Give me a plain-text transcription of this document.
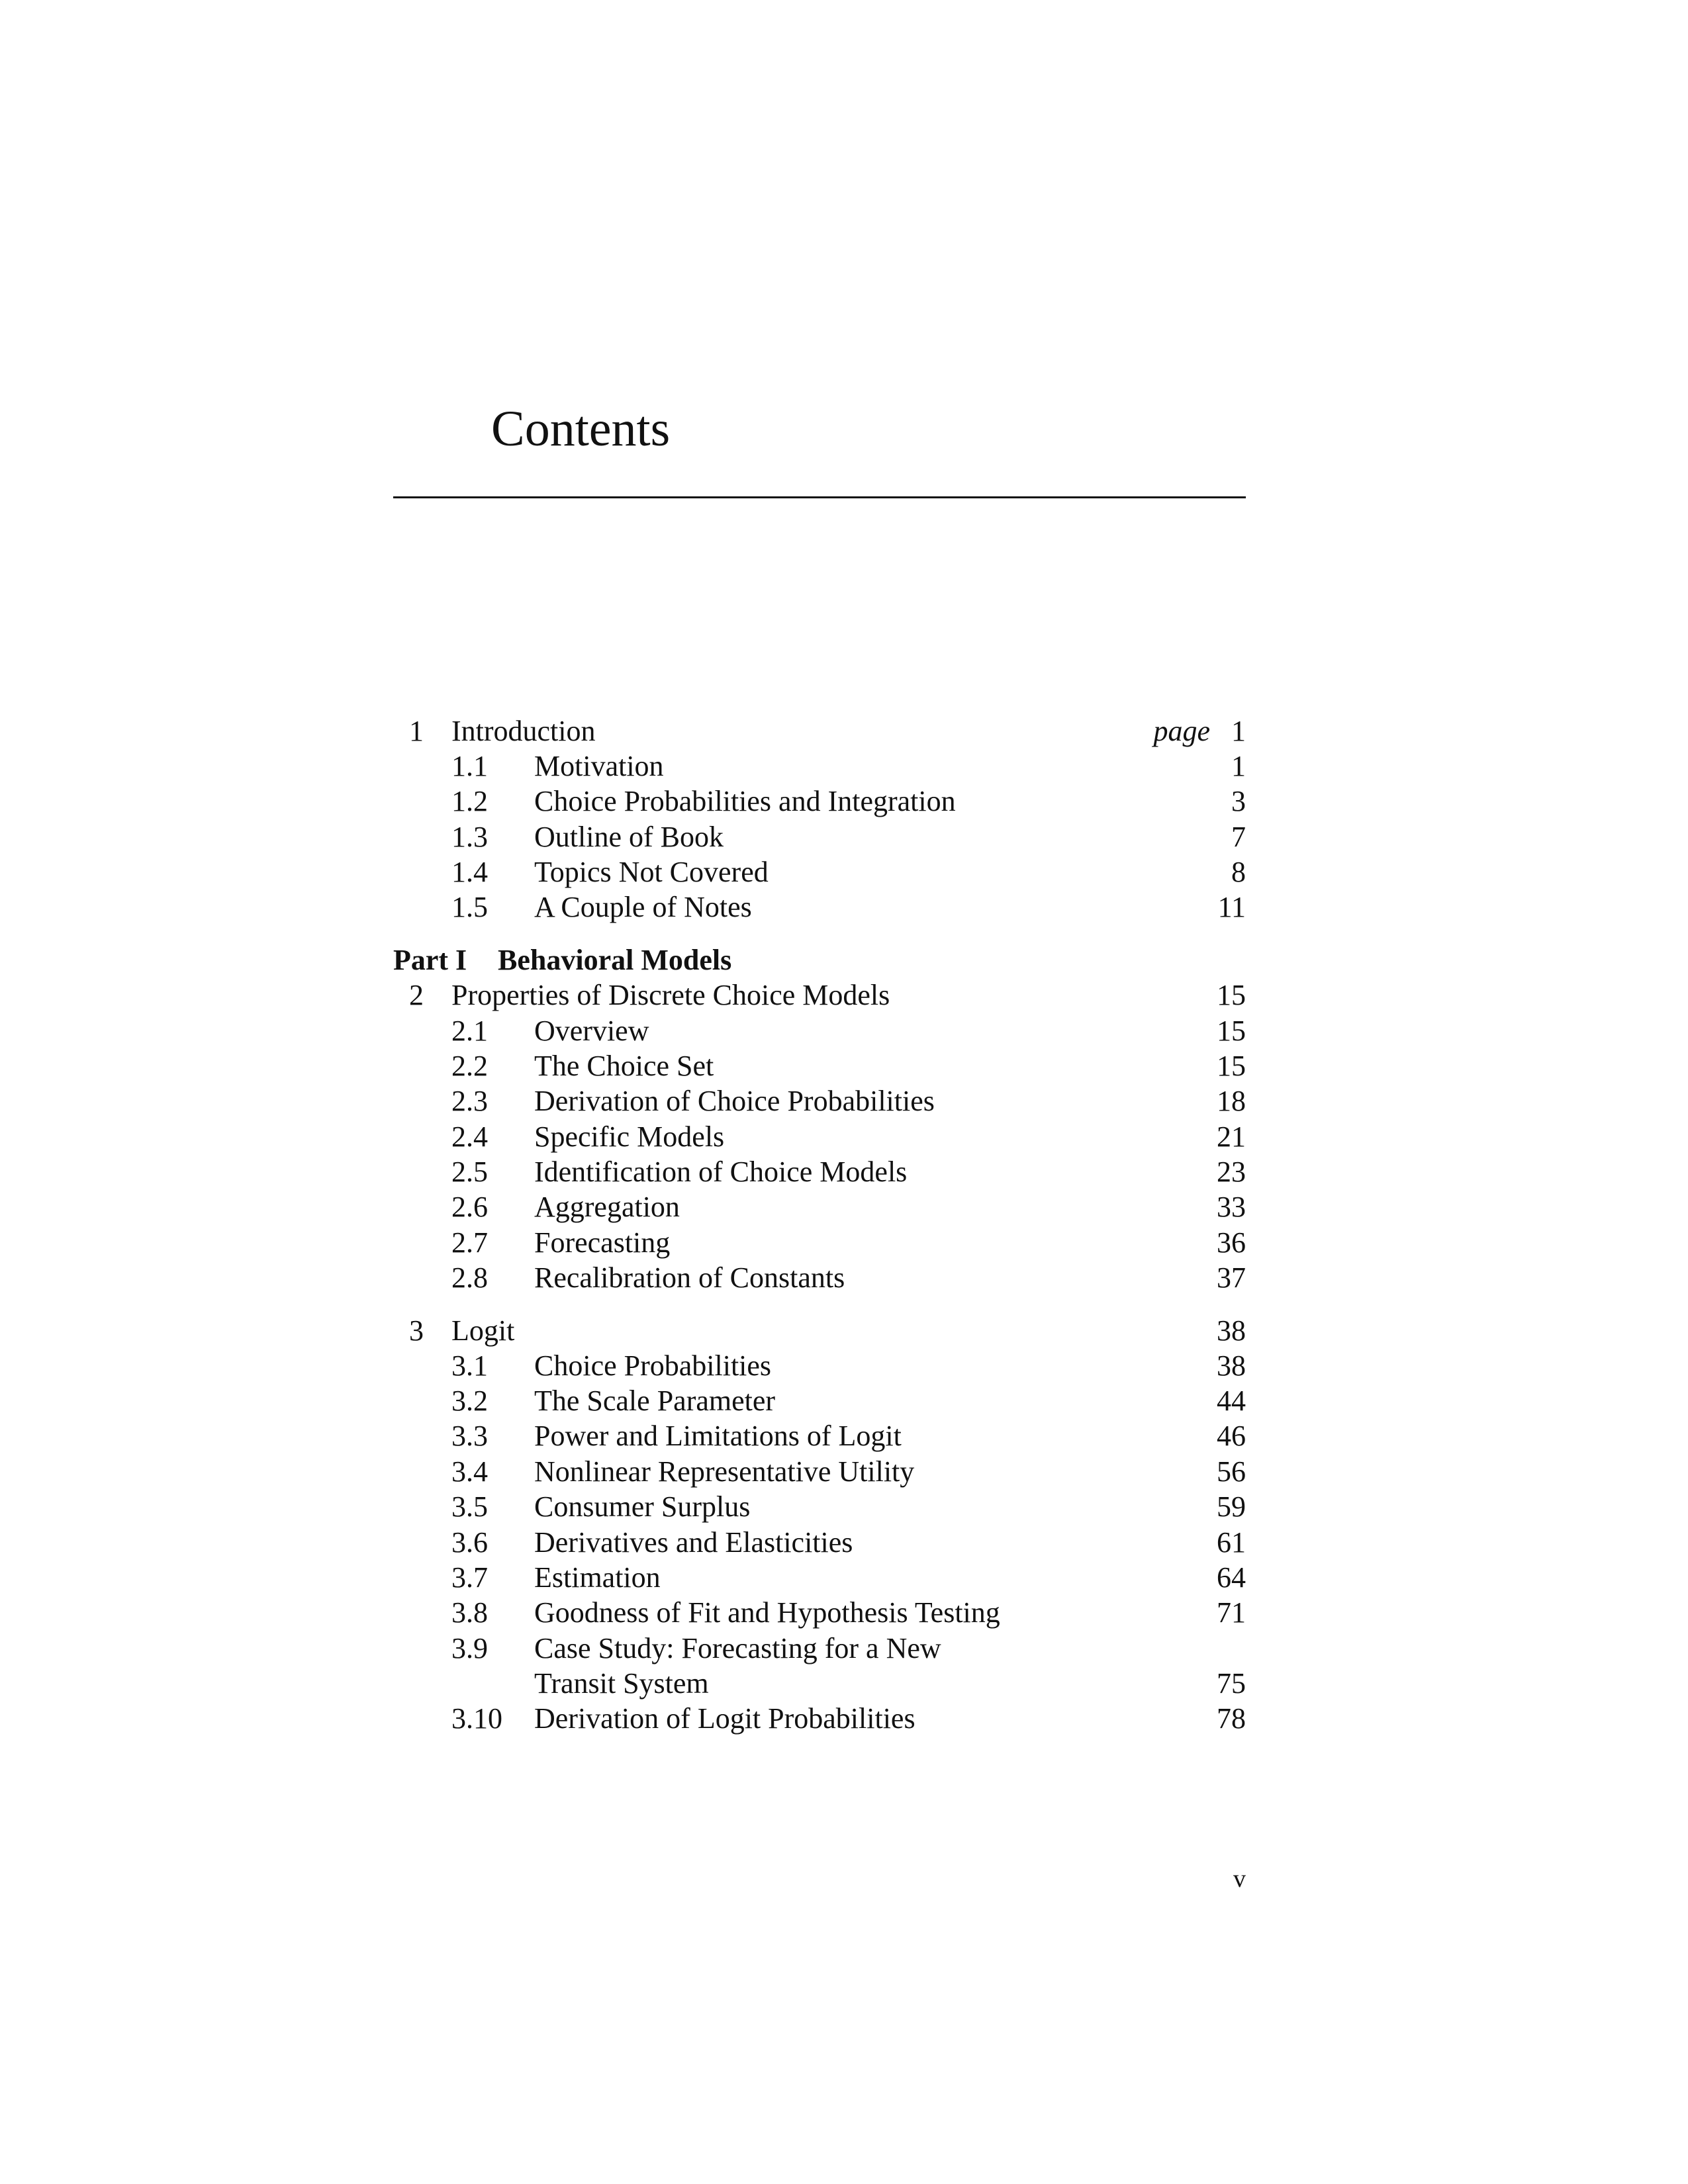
Contents
1 Introduction	page 1
1.1 Motivation	1
1.2 Choice Probabilities and Integration	3
1.3 Outline of Book	7
1.4 Topics Not Covered	8
1.5 A Couple of Notes	11
Part I Behavioral Models
2 Properties of Discrete Choice Models	15
2.1 Overview	15
2.2 The Choice Set	15
2.3 Derivation of Choice Probabilities	18
2.4 Specific Models	21
2.5 Identification of Choice Models	23
2.6 Aggregation	33
2.7 Forecasting	36
2.8 Recalibration of Constants	37
3 Logit	38
3.1 Choice Probabilities	38
3.2 The Scale Parameter	44
3.3 Power and Limitations of Logit	46
3.4 Nonlinear Representative Utility	56
3.5 Consumer Surplus	59
3.6 Derivatives and Elasticities	61
3.7 Estimation	64
3.8 Goodness of Fit and Hypothesis Testing	71
3.9 Case Study: Forecasting for a New
Transit System	75
3.10 Derivation of Logit Probabilities	78
v
